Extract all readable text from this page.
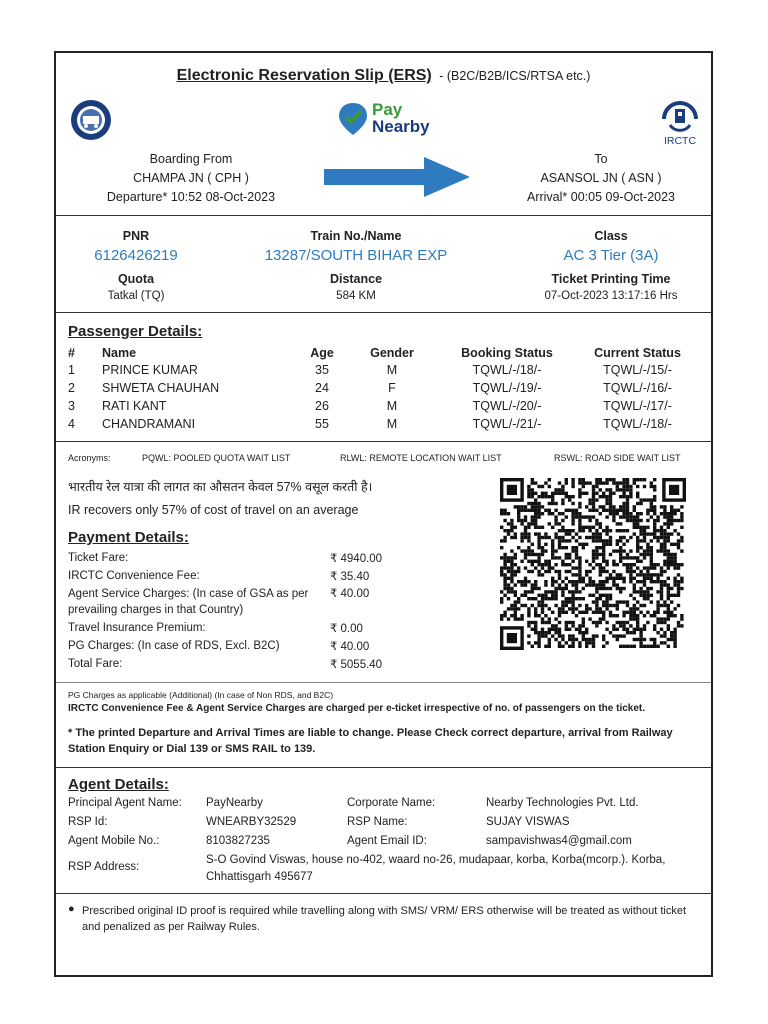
Electronic Reservation Slip (ERS) - (B2C/B2B/ICS/RTSA etc.)
Pay
Nearby
IRCTC
Boarding From
CHAMPA JN ( CPH )
Departure* 10:52 08-Oct-2023
To
ASANSOL JN ( ASN )
Arrival* 00:05 09-Oct-2023
PNR
6126426219
Train No./Name
13287/SOUTH BIHAR EXP
Class
AC 3 Tier (3A)
Quota
Tatkal (TQ)
Distance
584 KM
Ticket Printing Time
07-Oct-2023 13:17:16 Hrs
Passenger Details:
#	Name	Age	Gender	Booking Status	Current Status
1	PRINCE KUMAR	35	M	TQWL/-/18/-	TQWL/-/15/-
2	SHWETA CHAUHAN	24	F	TQWL/-/19/-	TQWL/-/16/-
3	RATI KANT	26	M	TQWL/-/20/-	TQWL/-/17/-
4	CHANDRAMANI	55	M	TQWL/-/21/-	TQWL/-/18/-
Acronyms:	PQWL: POOLED QUOTA WAIT LIST	RLWL: REMOTE LOCATION WAIT LIST	RSWL: ROAD SIDE WAIT LIST
भारतीय रेल यात्रा की लागत का औसतन केवल 57% वसूल करती है।
IR recovers only 57% of cost of travel on an average
Payment Details:
Ticket Fare:	₹ 4940.00
IRCTC Convenience Fee:	₹ 35.40
Agent Service Charges: (In case of GSA as per prevailing charges in that Country)	₹ 40.00
Travel Insurance Premium:	₹ 0.00
PG Charges: (In case of RDS, Excl. B2C)	₹ 40.00
Total Fare:	₹ 5055.40
PG Charges as applicable (Additional) (In case of Non RDS, and B2C)
IRCTC Convenience Fee & Agent Service Charges are charged per e-ticket irrespective of no. of passengers on the ticket.
* The printed Departure and Arrival Times are liable to change. Please Check correct departure, arrival from Railway Station Enquiry or Dial 139 or SMS RAIL to 139.
Agent Details:
Principal Agent Name: PayNearby	Corporate Name:	Nearby Technologies Pvt. Ltd.
RSP Id:	WNEARBY32529	RSP Name:	SUJAY VISWAS
Agent Mobile No.:	8103827235	Agent Email ID:	sampavishwas4@gmail.com
RSP Address:
S-O Govind Viswas, house no-402, waard no-26, mudapaar, korba, Korba(mcorp.). Korba, Chhattisgarh 495677
● Prescribed original ID proof is required while travelling along with SMS/ VRM/ ERS otherwise will be treated as without ticket and penalized as per Railway Rules.
